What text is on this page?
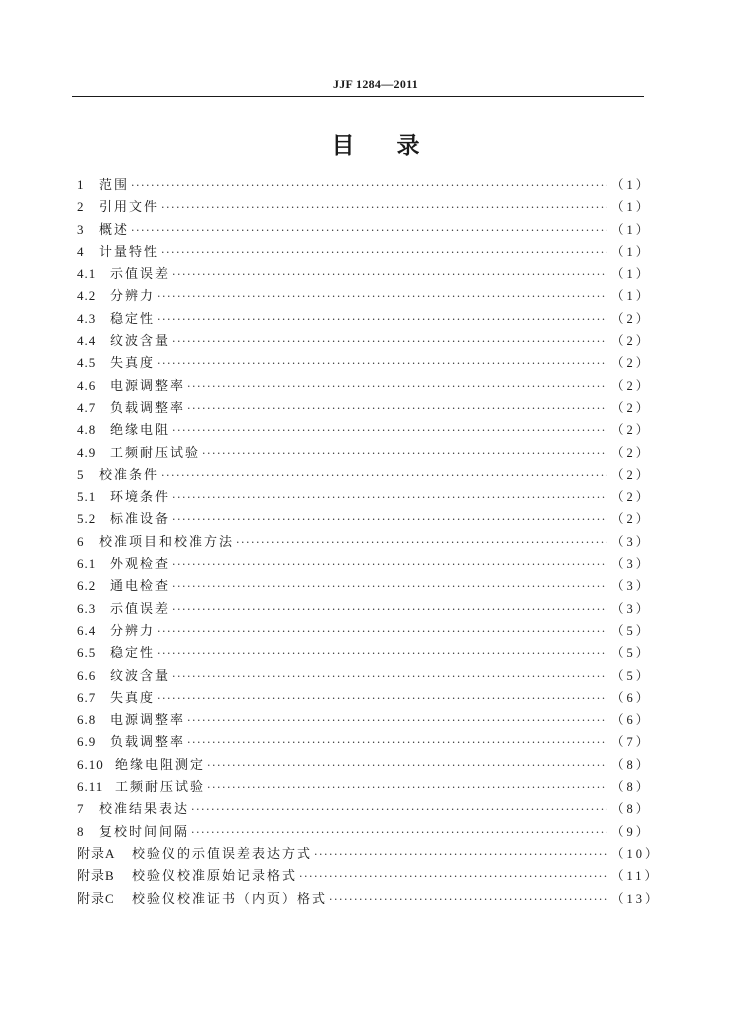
JJF 1284—2011
目录
1	范围 ·····	（1）
2	引用文件 ·····	（1）
3	概述 ·····	（1）
4	计量特性 ·····	（1）
4.1	示值误差 ·····	（1）
4.2	分辨力 ·····	（1）
4.3	稳定性 ·····	（2）
4.4	纹波含量 ·····	（2）
4.5	失真度 ·····	（2）
4.6	电源调整率 ·····	（2）
4.7	负载调整率 ·····	（2）
4.8	绝缘电阻 ·····	（2）
4.9	工频耐压试验 ·····	（2）
5	校准条件 ·····	（2）
5.1	环境条件 ·····	（2）
5.2	标准设备 ·····	（2）
6	校准项目和校准方法 ·····	（3）
6.1	外观检查 ·····	（3）
6.2	通电检查 ·····	（3）
6.3	示值误差 ·····	（3）
6.4	分辨力 ·····	（5）
6.5	稳定性 ·····	（5）
6.6	纹波含量 ·····	（5）
6.7	失真度 ·····	（6）
6.8	电源调整率 ·····	（6）
6.9	负载调整率 ·····	（7）
6.10 绝缘电阻测定 ·····	（8）
6.11 工频耐压试验 ·····	（8）
7	校准结果表达 ·····	（8）
8	复校时间间隔 ·····	（9）
附录A	校验仪的示值误差表达方式 ·····	（10）
附录B	校验仪校准原始记录格式 ·····	（11）
附录C	校验仪校准证书（内页）格式 ·····	（13）
